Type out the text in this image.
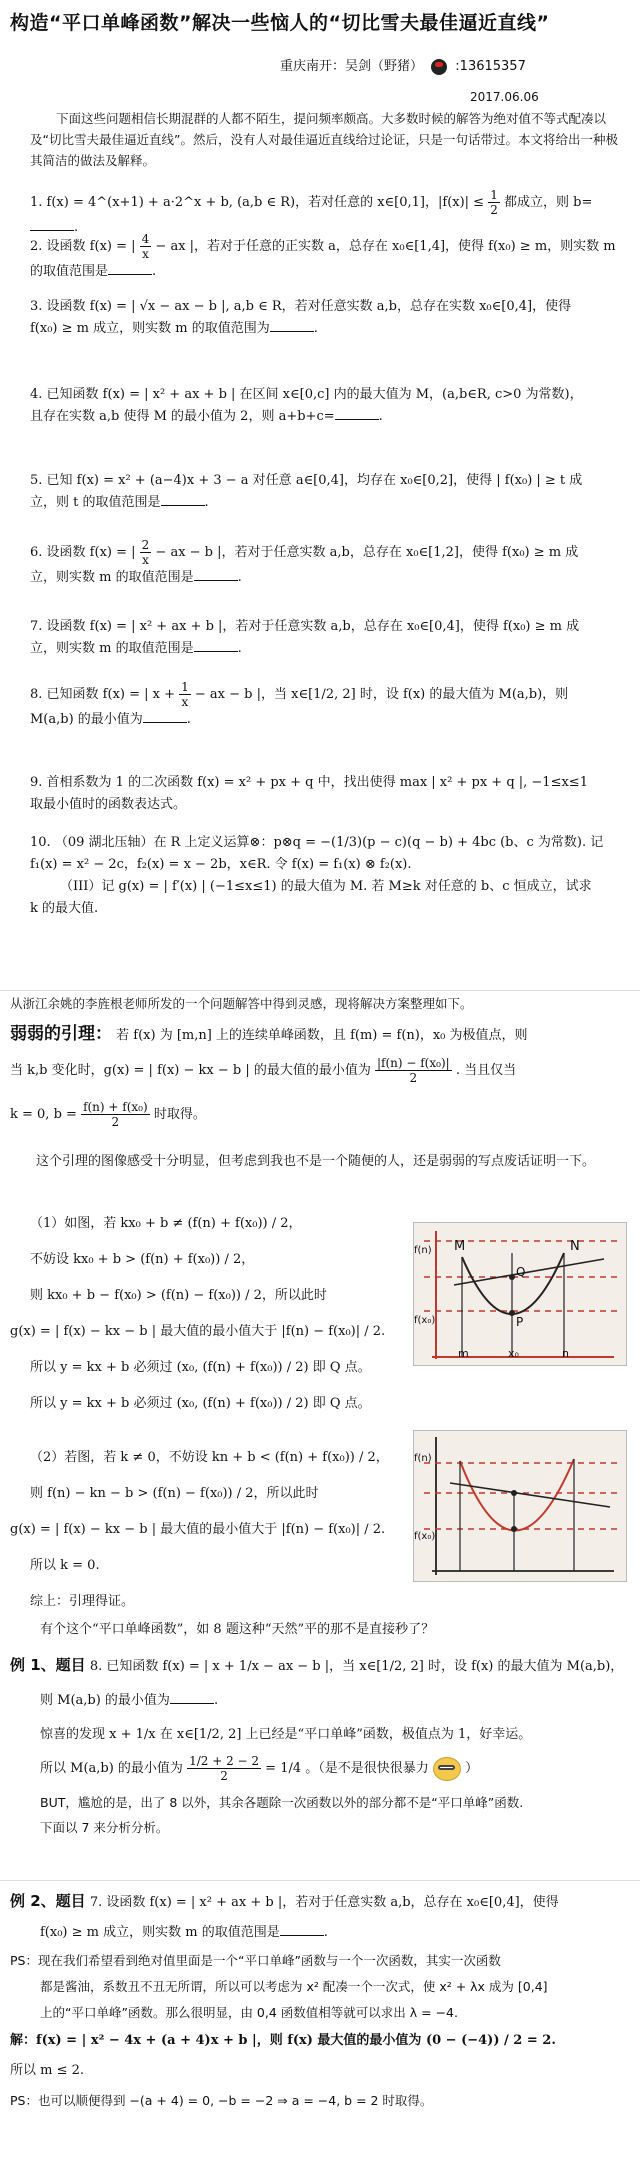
构造“平口单峰函数”解决一些恼人的“切比雪夫最佳逼近直线”
重庆南开：吴剑（野猪） :13615357
2017.06.06
下面这些问题相信长期混群的人都不陌生，提问频率颇高。大多数时候的解答为绝对值不等式配凑以及“切比雪夫最佳逼近直线”。然后，没有人对最佳逼近直线给过论证，只是一句话带过。本文将给出一种极其简洁的做法及解释。
1. f(x) = 4^(x+1) + a·2^x + b, (a,b ∈ R)，若对任意的 x∈[0,1]，$|f(x)| \le \frac{1}{2}$ 都成立，则 b=.
2. 设函数 f(x) = | $\frac{4}{x}$ − ax |，若对于任意的正实数 a，总存在 x₀∈[1,4]，使得 f(x₀) ≥ m，则实数 m 的取值范围是	.
3. 设函数 f(x) = | √x − ax − b |, a,b ∈ R，若对任意实数 a,b，总存在实数 x₀∈[0,4]，使得
f(x₀) ≥ m 成立，则实数 m 的取值范围为	.
4. 已知函数 f(x) = | x² + ax + b | 在区间 x∈[0,c] 内的最大值为 M，(a,b∈R, c>0 为常数)，
且存在实数 a,b 使得 M 的最小值为 2，则 a+b+c=	.
5. 已知 f(x) = x² + (a−4)x + 3 − a 对任意 a∈[0,4]，均存在 x₀∈[0,2]，使得 | f(x₀) | ≥ t 成
立，则 t 的取值范围是	.
6. 设函数 f(x) = | $\frac{2}{x}$ − ax − b |，若对于任意实数 a,b，总存在 x₀∈[1,2]，使得 f(x₀) ≥ m 成
立，则实数 m 的取值范围是	.
7. 设函数 f(x) = | x² + ax + b |，若对于任意实数 a,b，总存在 x₀∈[0,4]，使得 f(x₀) ≥ m 成
立，则实数 m 的取值范围是	.
8. 已知函数 f(x) = | $x + \frac{1}{x}$ − ax − b |，当 x∈[1/2, 2] 时，设 f(x) 的最大值为 M(a,b)，则
M(a,b) 的最小值为	.
9. 首相系数为 1 的二次函数 f(x) = x² + px + q 中，找出使得 max | x² + px + q |, −1≤x≤1
取最小值时的函数表达式。
10. （09 湖北压轴）在 R 上定义运算⊗：p⊗q = −(1/3)(p − c)(q − b) + 4bc (b、c 为常数). 记
f₁(x) = x² − 2c，f₂(x) = x − 2b，x∈R. 令 f(x) = f₁(x) ⊗ f₂(x).
（III）记 g(x) = | f′(x) | (−1≤x≤1) 的最大值为 M. 若 M≥k 对任意的 b、c 恒成立，试求
k 的最大值.
从浙江余姚的李旌根老师所发的一个问题解答中得到灵感，现将解决方案整理如下。
弱弱的引理： 若 f(x) 为 [m,n] 上的连续单峰函数，且 f(m) = f(n)，x₀ 为极值点，则
当 k,b 变化时，g(x) = | f(x) − kx − b | 的最大值的最小值为 $\frac{\text{|f(n) − f(x₀)|}}{2}$ . 当且仅当
k = 0, $b = \frac{\text{f(n) + f(x₀)}}{2}$ 时取得。
这个引理的图像感受十分明显，但考虑到我也不是一个随便的人，还是弱弱的写点废话证明一下。
（1）如图，若 kx₀ + b ≠ (f(n) + f(x₀)) / 2，
不妨设 kx₀ + b > (f(n) + f(x₀)) / 2，
则 kx₀ + b − f(x₀) > (f(n) − f(x₀)) / 2，所以此时
g(x) = | f(x) − kx − b | 最大值的最小值大于 |f(n) − f(x₀)| / 2.
所以 y = kx + b 必须过 (x₀, (f(n) + f(x₀)) / 2) 即 Q 点。
所以 y = kx + b 必须过 (x₀, (f(n) + f(x₀)) / 2) 即 Q 点。
M	N
Q
P
f(n)
f(x₀)
m	x₀	n
（2）若图，若 k ≠ 0，不妨设 kn + b < (f(n) + f(x₀)) / 2，
则 f(n) − kn − b > (f(n) − f(x₀)) / 2，所以此时
g(x) = | f(x) − kx − b | 最大值的最小值大于 |f(n) − f(x₀)| / 2.
所以 k = 0.
综上：引理得证。
f(n)
f(x₀)
有个这个“平口单峰函数”，如 8 题这种“天然”平的那不是直接秒了？
例 1、题目 8. 已知函数 f(x) = | x + 1/x − ax − b |，当 x∈[1/2, 2] 时，设 f(x) 的最大值为 M(a,b)，
则 M(a,b) 的最小值为	.
惊喜的发现 x + 1/x 在 x∈[1/2, 2] 上已经是“平口单峰”函数，极值点为 1，好幸运。
所以 M(a,b) 的最小值为 $\frac{1/2 + 2 - 2}{2} = 1/4$ 。（是不是很快很暴力	）
BUT，尴尬的是，出了 8 以外，其余各题除一次函数以外的部分都不是“平口单峰”函数.
下面以 7 来分析分析。
例 2、题目 7. 设函数 f(x) = | x² + ax + b |，若对于任意实数 a,b，总存在 x₀∈[0,4]，使得
f(x₀) ≥ m 成立，则实数 m 的取值范围是	.
PS：现在我们希望看到绝对值里面是一个“平口单峰”函数与一个一次函数，其实一次函数
都是酱油，系数丑不丑无所谓，所以可以考虑为 x² 配凑一个一次式，使 x² + λx 成为 [0,4]
上的“平口单峰”函数。那么很明显，由 0,4 函数值相等就可以求出 λ = −4.
解：f(x) = | x² − 4x + (a + 4)x + b |，则 f(x) 最大值的最小值为 (0 − (−4)) / 2 = 2.
所以 m ≤ 2.
PS：也可以顺便得到 −(a + 4) = 0, −b = −2 ⇒ a = −4, b = 2 时取得。
